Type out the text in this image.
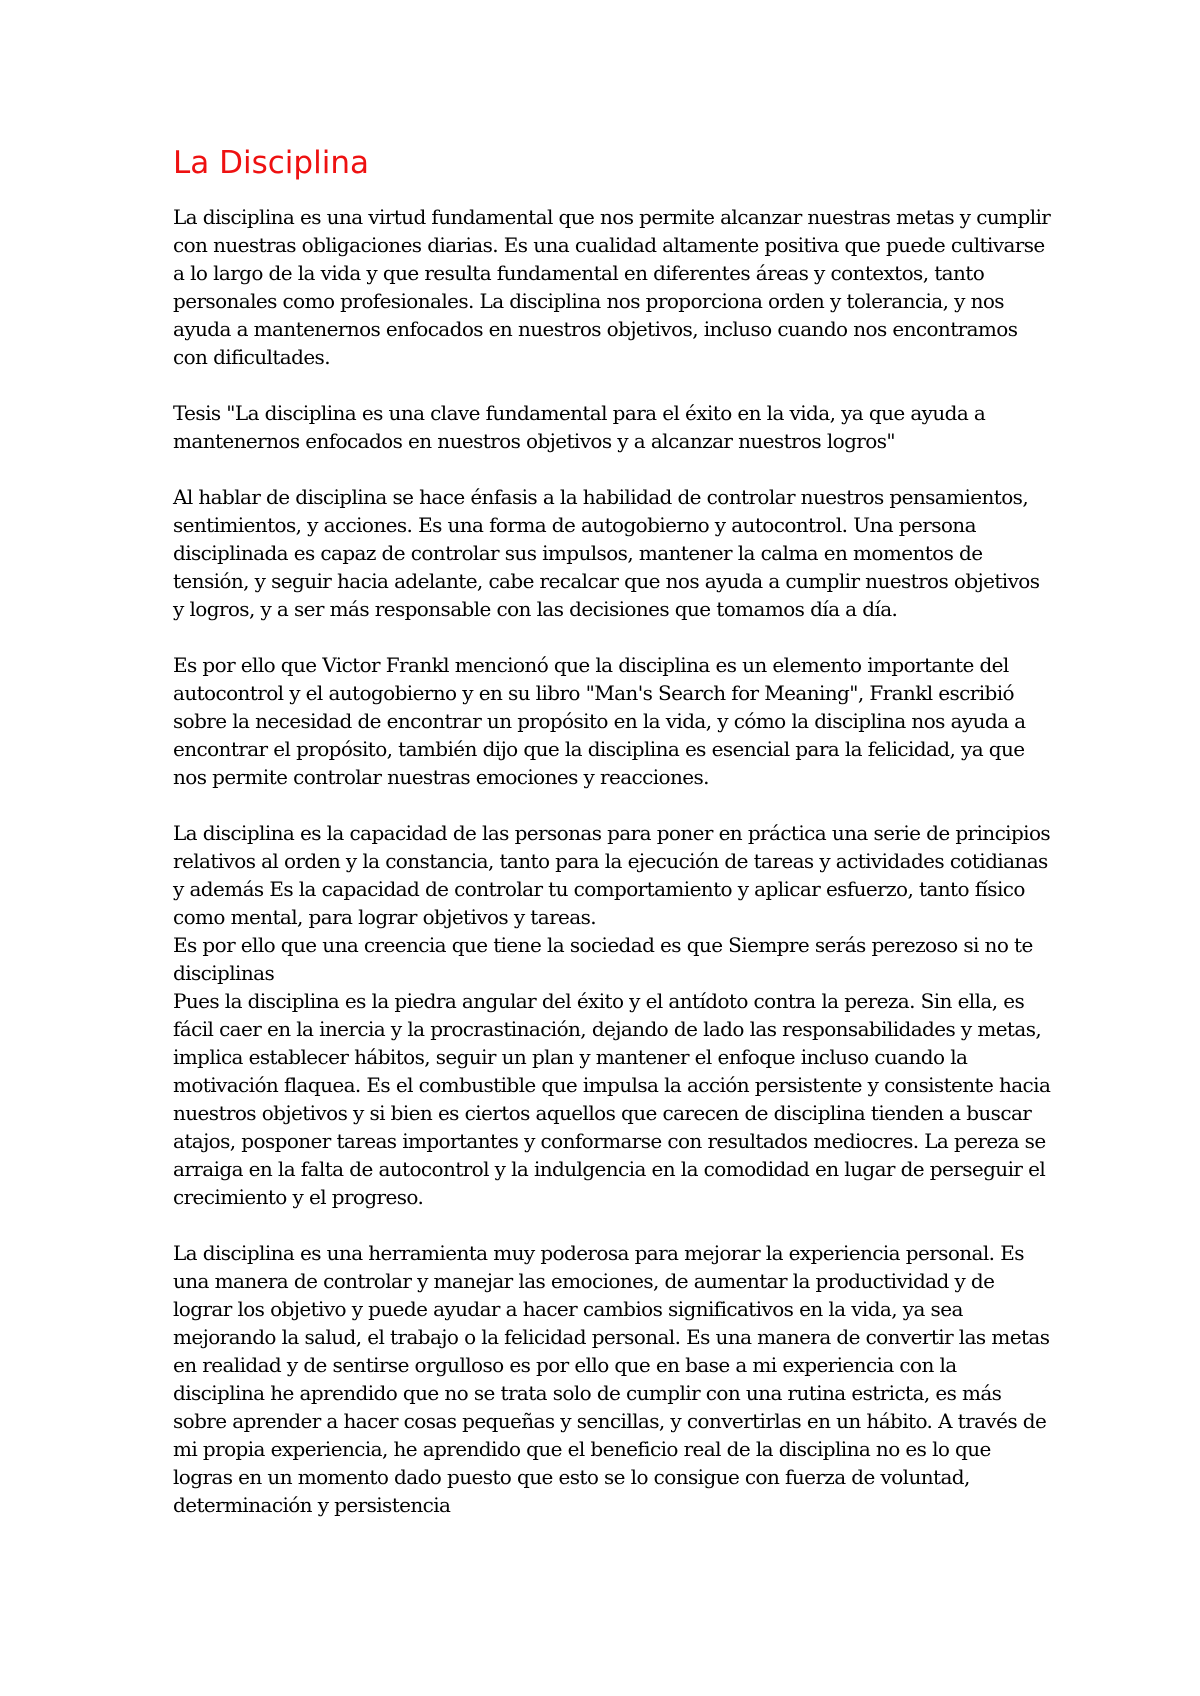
La Disciplina

La disciplina es una virtud fundamental que nos permite alcanzar nuestras metas y cumplir con nuestras obligaciones diarias. Es una cualidad altamente positiva que puede cultivarse a lo largo de la vida y que resulta fundamental en diferentes áreas y contextos, tanto personales como profesionales. La disciplina nos proporciona orden y tolerancia, y nos ayuda a mantenernos enfocados en nuestros objetivos, incluso cuando nos encontramos con dificultades.

Tesis "La disciplina es una clave fundamental para el éxito en la vida, ya que ayuda a mantenernos enfocados en nuestros objetivos y a alcanzar nuestros logros"

Al hablar de disciplina se hace énfasis a la habilidad de controlar nuestros pensamientos, sentimientos, y acciones. Es una forma de autogobierno y autocontrol. Una persona disciplinada es capaz de controlar sus impulsos, mantener la calma en momentos de tensión, y seguir hacia adelante, cabe recalcar que nos ayuda a cumplir nuestros objetivos y logros, y a ser más responsable con las decisiones que tomamos día a día.

Es por ello que Victor Frankl mencionó que la disciplina es un elemento importante del autocontrol y el autogobierno y en su libro "Man's Search for Meaning", Frankl escribió sobre la necesidad de encontrar un propósito en la vida, y cómo la disciplina nos ayuda a encontrar el propósito, también dijo que la disciplina es esencial para la felicidad, ya que nos permite controlar nuestras emociones y reacciones.

La disciplina es la capacidad de las personas para poner en práctica una serie de principios relativos al orden y la constancia, tanto para la ejecución de tareas y actividades cotidianas y además Es la capacidad de controlar tu comportamiento y aplicar esfuerzo, tanto físico como mental, para lograr objetivos y tareas.

Es por ello que una creencia que tiene la sociedad es que Siempre serás perezoso si no te disciplinas

Pues la disciplina es la piedra angular del éxito y el antídoto contra la pereza. Sin ella, es fácil caer en la inercia y la procrastinación, dejando de lado las responsabilidades y metas, implica establecer hábitos, seguir un plan y mantener el enfoque incluso cuando la motivación flaquea. Es el combustible que impulsa la acción persistente y consistente hacia nuestros objetivos y si bien es ciertos aquellos que carecen de disciplina tienden a buscar atajos, posponer tareas importantes y conformarse con resultados mediocres. La pereza se arraiga en la falta de autocontrol y la indulgencia en la comodidad en lugar de perseguir el crecimiento y el progreso.

La disciplina es una herramienta muy poderosa para mejorar la experiencia personal. Es una manera de controlar y manejar las emociones, de aumentar la productividad y de lograr los objetivo y puede ayudar a hacer cambios significativos en la vida, ya sea mejorando la salud, el trabajo o la felicidad personal. Es una manera de convertir las metas en realidad y de sentirse orgulloso es por ello que en base a mi experiencia con la disciplina he aprendido que no se trata solo de cumplir con una rutina estricta, es más sobre aprender a hacer cosas pequeñas y sencillas, y convertirlas en un hábito. A través de mi propia experiencia, he aprendido que el beneficio real de la disciplina no es lo que logras en un momento dado puesto que esto se lo consigue con fuerza de voluntad, determinación y persistencia
